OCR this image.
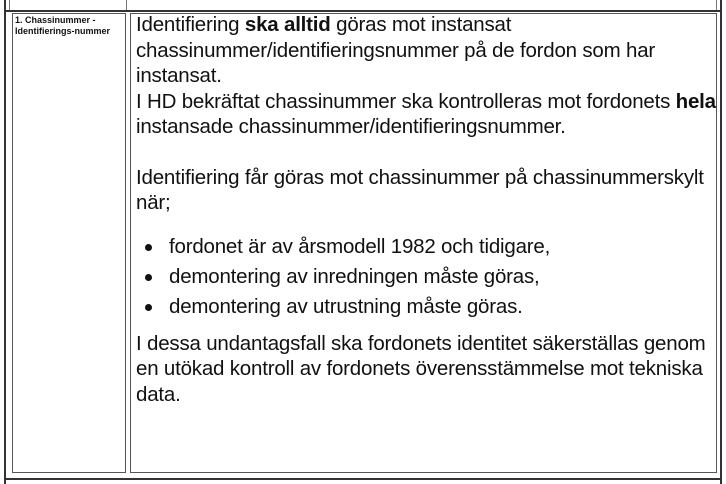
1. Chassinummer - Identifierings-nummer	Identifiering ska alltid göras mot instansat chassinummer/identifieringsnummer på de fordon som har instansat.
I HD bekräftat chassinummer ska kontrolleras mot fordonets hela instansade chassinummer/identifieringsnummer.

Identifiering får göras mot chassinummer på chassinummerskylt när;

fordonet är av årsmodell 1982 och tidigare,
demontering av inredningen måste göras,
demontering av utrustning måste göras.

I dessa undantagsfall ska fordonets identitet säkerställas genom en utökad kontroll av fordonets överensstämmelse mot tekniska data.
